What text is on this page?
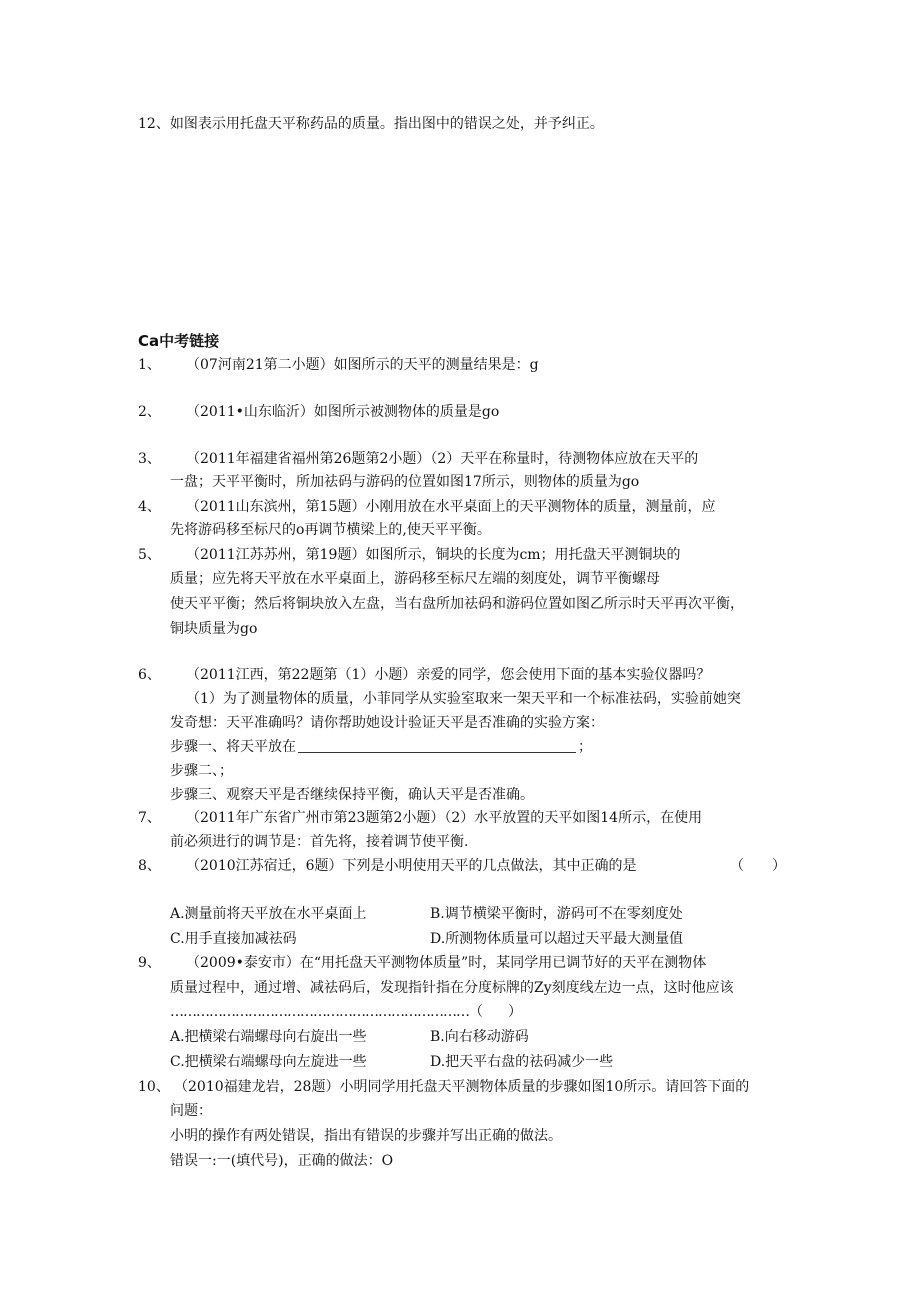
12、如图表示用托盘天平称药品的质量。指出图中的错误之处，并予纠正。
Ca中考链接
1、 （07河南21第二小题）如图所示的天平的测量结果是：g
2、 （2011•山东临沂）如图所示被测物体的质量是go
3、 （2011年福建省福州第26题第2小题）（2）天平在称量时，待测物体应放在天平的
一盘；天平平衡时，所加祛码与游码的位置如图17所示，则物体的质量为go
4、 （2011山东滨州，第15题）小刚用放在水平桌面上的天平测物体的质量，测量前，应
先将游码移至标尺的o再调节横梁上的,使天平平衡。
5、 （2011江苏苏州，第19题）如图所示，铜块的长度为cm；用托盘天平测铜块的
质量；应先将天平放在水平桌面上，游码移至标尺左端的刻度处，调节平衡螺母
使天平平衡；然后将铜块放入左盘，当右盘所加祛码和游码位置如图乙所示时天平再次平衡，
铜块质量为go
6、 （2011江西，第22题第（1）小题）亲爱的同学，您会使用下面的基本实验仪器吗？
（1）为了测量物体的质量，小菲同学从实验室取来一架天平和一个标准祛码，实验前她突
发奇想：天平准确吗？请你帮助她设计验证天平是否准确的实验方案：
步骤一、将天平放在	；
步骤二、；
步骤三、观察天平是否继续保持平衡，确认天平是否准确。
7、 （2011年广东省广州市第23题第2小题）（2）水平放置的天平如图14所示，在使用
前必须进行的调节是：首先将，接着调节使平衡.
8、 （2010江苏宿迁，6题）下列是小明使用天平的几点做法，其中正确的是	（　　）
A.测量前将天平放在水平桌面上	B.调节横梁平衡时，游码可不在零刻度处
C.用手直接加减祛码	D.所测物体质量可以超过天平最大测量值
9、 （2009•泰安市）在“用托盘天平测物体质量”时，某同学用已调节好的天平在测物体
质量过程中，通过增、减祛码后，发现指针指在分度标牌的Zy刻度线左边一点，这时他应该
……………………………………………………………（　　）
A.把横梁右端螺母向右旋出一些	B.向右移动游码
C.把横梁右端螺母向左旋进一些	D.把天平右盘的祛码减少一些
10、 （2010福建龙岩，28题）小明同学用托盘天平测物体质量的步骤如图10所示。请回答下面的
问题：
小明的操作有两处错误，指出有错误的步骤并写出正确的做法。
错误一:一(填代号)，正确的做法：O
